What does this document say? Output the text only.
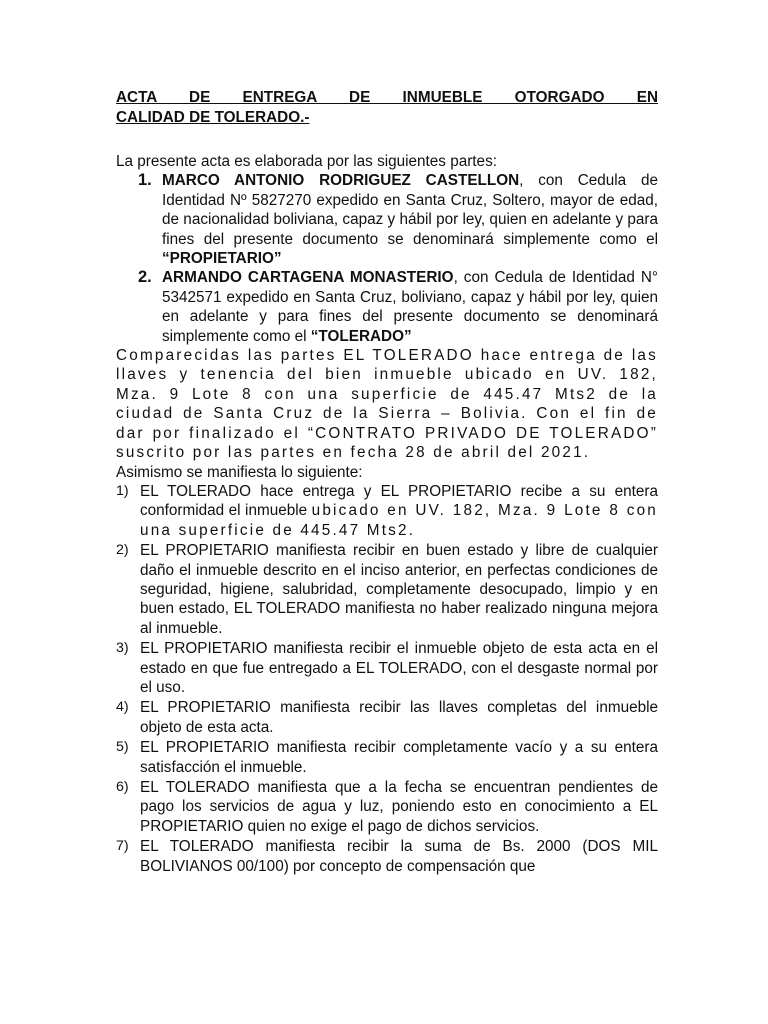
ACTA DE ENTREGA DE INMUEBLE OTORGADO EN
CALIDAD DE TOLERADO.-

La presente acta es elaborada por las siguientes partes:

1. MARCO ANTONIO RODRIGUEZ CASTELLON, con Cedula de Identidad Nº 5827270 expedido en Santa Cruz, Soltero, mayor de edad, de nacionalidad boliviana, capaz y hábil por ley, quien en adelante y para fines del presente documento se denominará simplemente como el “PROPIETARIO”
2. ARMANDO CARTAGENA MONASTERIO, con Cedula de Identidad N° 5342571 expedido en Santa Cruz, boliviano, capaz y hábil por ley, quien en adelante y para fines del presente documento se denominará simplemente como el “TOLERADO”

Comparecidas las partes EL TOLERADO hace entrega de las llaves y tenencia del bien inmueble ubicado en UV. 182, Mza. 9 Lote 8 con una superficie de 445.47 Mts2 de la ciudad de Santa Cruz de la Sierra – Bolivia. Con el fin de dar por finalizado el “CONTRATO PRIVADO DE TOLERADO” suscrito por las partes en fecha 28 de abril del 2021.

Asimismo se manifiesta lo siguiente:

1) EL TOLERADO hace entrega y EL PROPIETARIO recibe a su entera conformidad el inmueble ubicado en UV. 182, Mza. 9 Lote 8 con una superficie de 445.47 Mts2.
2) EL PROPIETARIO manifiesta recibir en buen estado y libre de cualquier daño el inmueble descrito en el inciso anterior, en perfectas condiciones de seguridad, higiene, salubridad, completamente desocupado, limpio y en buen estado, EL TOLERADO manifiesta no haber realizado ninguna mejora al inmueble.
3) EL PROPIETARIO manifiesta recibir el inmueble objeto de esta acta en el estado en que fue entregado a EL TOLERADO, con el desgaste normal por el uso.
4) EL PROPIETARIO manifiesta recibir las llaves completas del inmueble objeto de esta acta.
5) EL PROPIETARIO manifiesta recibir completamente vacío y a su entera satisfacción el inmueble.
6) EL TOLERADO manifiesta que a la fecha se encuentran pendientes de pago los servicios de agua y luz, poniendo esto en conocimiento a EL PROPIETARIO quien no exige el pago de dichos servicios.
7) EL TOLERADO manifiesta recibir la suma de Bs. 2000 (DOS MIL BOLIVIANOS 00/100) por concepto de compensación que
